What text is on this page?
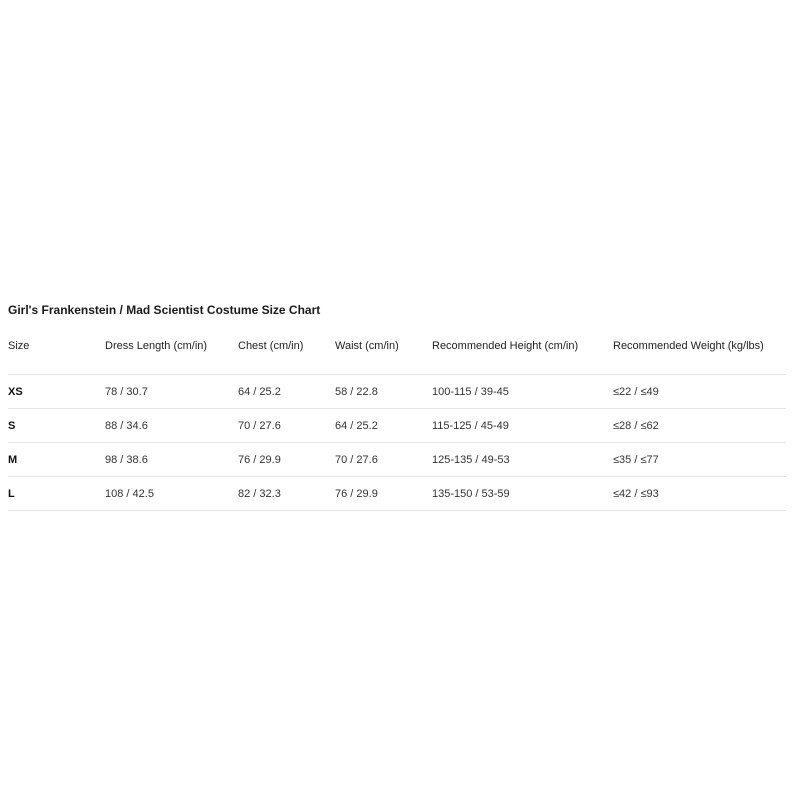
Girl's Frankenstein / Mad Scientist Costume Size Chart
Size	Dress Length (cm/in)	Chest (cm/in)	Waist (cm/in)	Recommended Height (cm/in)	Recommended Weight (kg/lbs)
XS	78 / 30.7	64 / 25.2	58 / 22.8	100-115 / 39-45	≤22 / ≤49
S	88 / 34.6	70 / 27.6	64 / 25.2	115-125 / 45-49	≤28 / ≤62
M	98 / 38.6	76 / 29.9	70 / 27.6	125-135 / 49-53	≤35 / ≤77
L	108 / 42.5	82 / 32.3	76 / 29.9	135-150 / 53-59	≤42 / ≤93
